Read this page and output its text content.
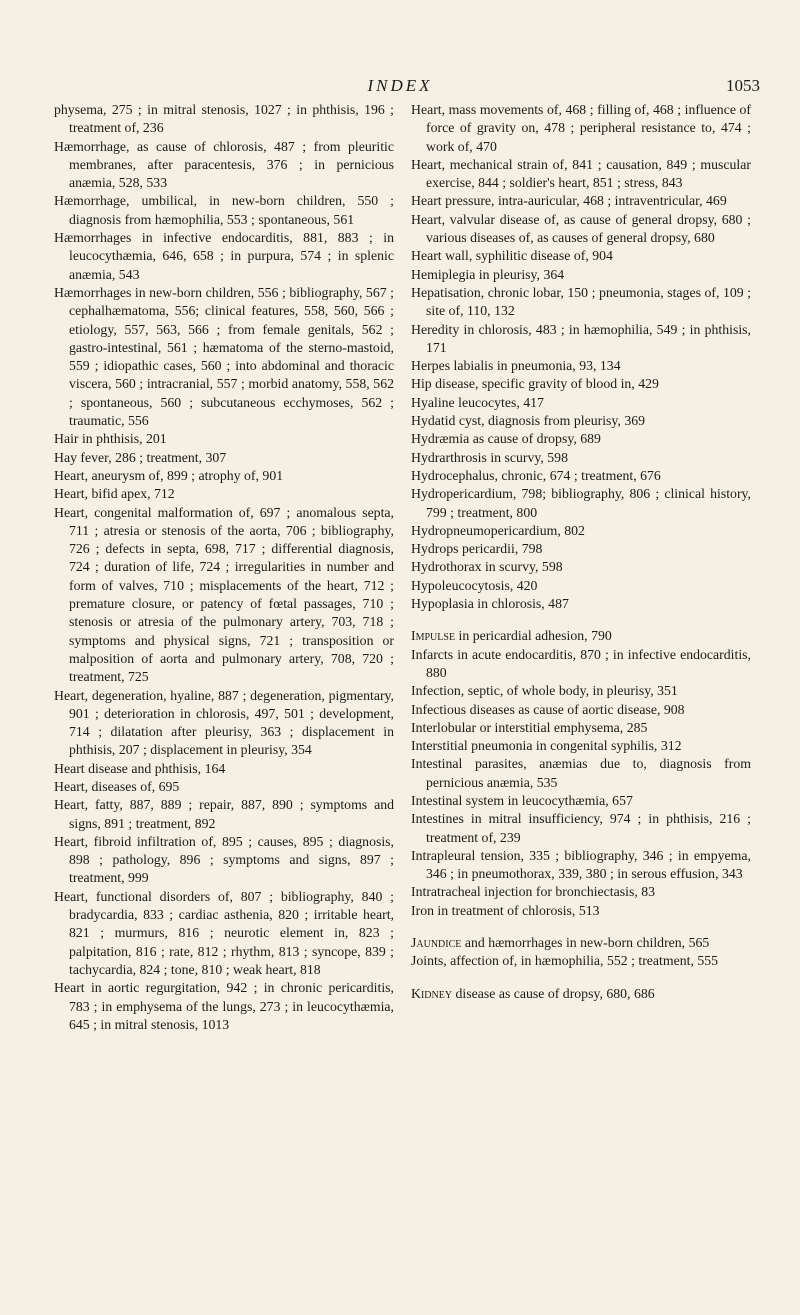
INDEX	1053

physema, 275 ; in mitral stenosis, 1027 ; in phthisis, 196 ; treatment of, 236

Hæmorrhage, as cause of chlorosis, 487 ; from pleuritic membranes, after paracentesis, 376 ; in pernicious anæmia, 528, 533

Hæmorrhage, umbilical, in new-born children, 550 ; diagnosis from hæmophilia, 553 ; spontaneous, 561

Hæmorrhages in infective endocarditis, 881, 883 ; in leucocythæmia, 646, 658 ; in purpura, 574 ; in splenic anæmia, 543

Hæmorrhages in new-born children, 556 ; bibliography, 567 ; cephalhæmatoma, 556; clinical features, 558, 560, 566 ; etiology, 557, 563, 566 ; from female genitals, 562 ; gastro-intestinal, 561 ; hæmatoma of the sterno-mastoid, 559 ; idiopathic cases, 560 ; into abdominal and thoracic viscera, 560 ; intracranial, 557 ; morbid anatomy, 558, 562 ; spontaneous, 560 ; subcutaneous ecchymoses, 562 ; traumatic, 556

Hair in phthisis, 201

Hay fever, 286 ; treatment, 307

Heart, aneurysm of, 899 ; atrophy of, 901

Heart, bifid apex, 712

Heart, congenital malformation of, 697 ; anomalous septa, 711 ; atresia or stenosis of the aorta, 706 ; bibliography, 726 ; defects in septa, 698, 717 ; differential diagnosis, 724 ; duration of life, 724 ; irregularities in number and form of valves, 710 ; misplacements of the heart, 712 ; premature closure, or patency of fœtal passages, 710 ; stenosis or atresia of the pulmonary artery, 703, 718 ; symptoms and physical signs, 721 ; transposition or malposition of aorta and pulmonary artery, 708, 720 ; treatment, 725

Heart, degeneration, hyaline, 887 ; degeneration, pigmentary, 901 ; deterioration in chlorosis, 497, 501 ; development, 714 ; dilatation after pleurisy, 363 ; displacement in phthisis, 207 ; displacement in pleurisy, 354

Heart disease and phthisis, 164

Heart, diseases of, 695

Heart, fatty, 887, 889 ; repair, 887, 890 ; symptoms and signs, 891 ; treatment, 892

Heart, fibroid infiltration of, 895 ; causes, 895 ; diagnosis, 898 ; pathology, 896 ; symptoms and signs, 897 ; treatment, 999

Heart, functional disorders of, 807 ; bibliography, 840 ; bradycardia, 833 ; cardiac asthenia, 820 ; irritable heart, 821 ; murmurs, 816 ; neurotic element in, 823 ; palpitation, 816 ; rate, 812 ; rhythm, 813 ; syncope, 839 ; tachycardia, 824 ; tone, 810 ; weak heart, 818

Heart in aortic regurgitation, 942 ; in chronic pericarditis, 783 ; in emphysema of the lungs, 273 ; in leucocythæmia, 645 ; in mitral stenosis, 1013

Heart, mass movements of, 468 ; filling of, 468 ; influence of force of gravity on, 478 ; peripheral resistance to, 474 ; work of, 470

Heart, mechanical strain of, 841 ; causation, 849 ; muscular exercise, 844 ; soldier's heart, 851 ; stress, 843

Heart pressure, intra-auricular, 468 ; intraventricular, 469

Heart, valvular disease of, as cause of general dropsy, 680 ; various diseases of, as causes of general dropsy, 680

Heart wall, syphilitic disease of, 904

Hemiplegia in pleurisy, 364

Hepatisation, chronic lobar, 150 ; pneumonia, stages of, 109 ; site of, 110, 132

Heredity in chlorosis, 483 ; in hæmophilia, 549 ; in phthisis, 171

Herpes labialis in pneumonia, 93, 134

Hip disease, specific gravity of blood in, 429

Hyaline leucocytes, 417

Hydatid cyst, diagnosis from pleurisy, 369

Hydræmia as cause of dropsy, 689

Hydrarthrosis in scurvy, 598

Hydrocephalus, chronic, 674 ; treatment, 676

Hydropericardium, 798; bibliography, 806 ; clinical history, 799 ; treatment, 800

Hydropneumopericardium, 802

Hydrops pericardii, 798

Hydrothorax in scurvy, 598

Hypoleucocytosis, 420

Hypoplasia in chlorosis, 487

Impulse in pericardial adhesion, 790

Infarcts in acute endocarditis, 870 ; in infective endocarditis, 880

Infection, septic, of whole body, in pleurisy, 351

Infectious diseases as cause of aortic disease, 908

Interlobular or interstitial emphysema, 285

Interstitial pneumonia in congenital syphilis, 312

Intestinal parasites, anæmias due to, diagnosis from pernicious anæmia, 535

Intestinal system in leucocythæmia, 657

Intestines in mitral insufficiency, 974 ; in phthisis, 216 ; treatment of, 239

Intrapleural tension, 335 ; bibliography, 346 ; in empyema, 346 ; in pneumothorax, 339, 380 ; in serous effusion, 343

Intratracheal injection for bronchiectasis, 83

Iron in treatment of chlorosis, 513

Jaundice and hæmorrhages in new-born children, 565

Joints, affection of, in hæmophilia, 552 ; treatment, 555

Kidney disease as cause of dropsy, 680, 686
